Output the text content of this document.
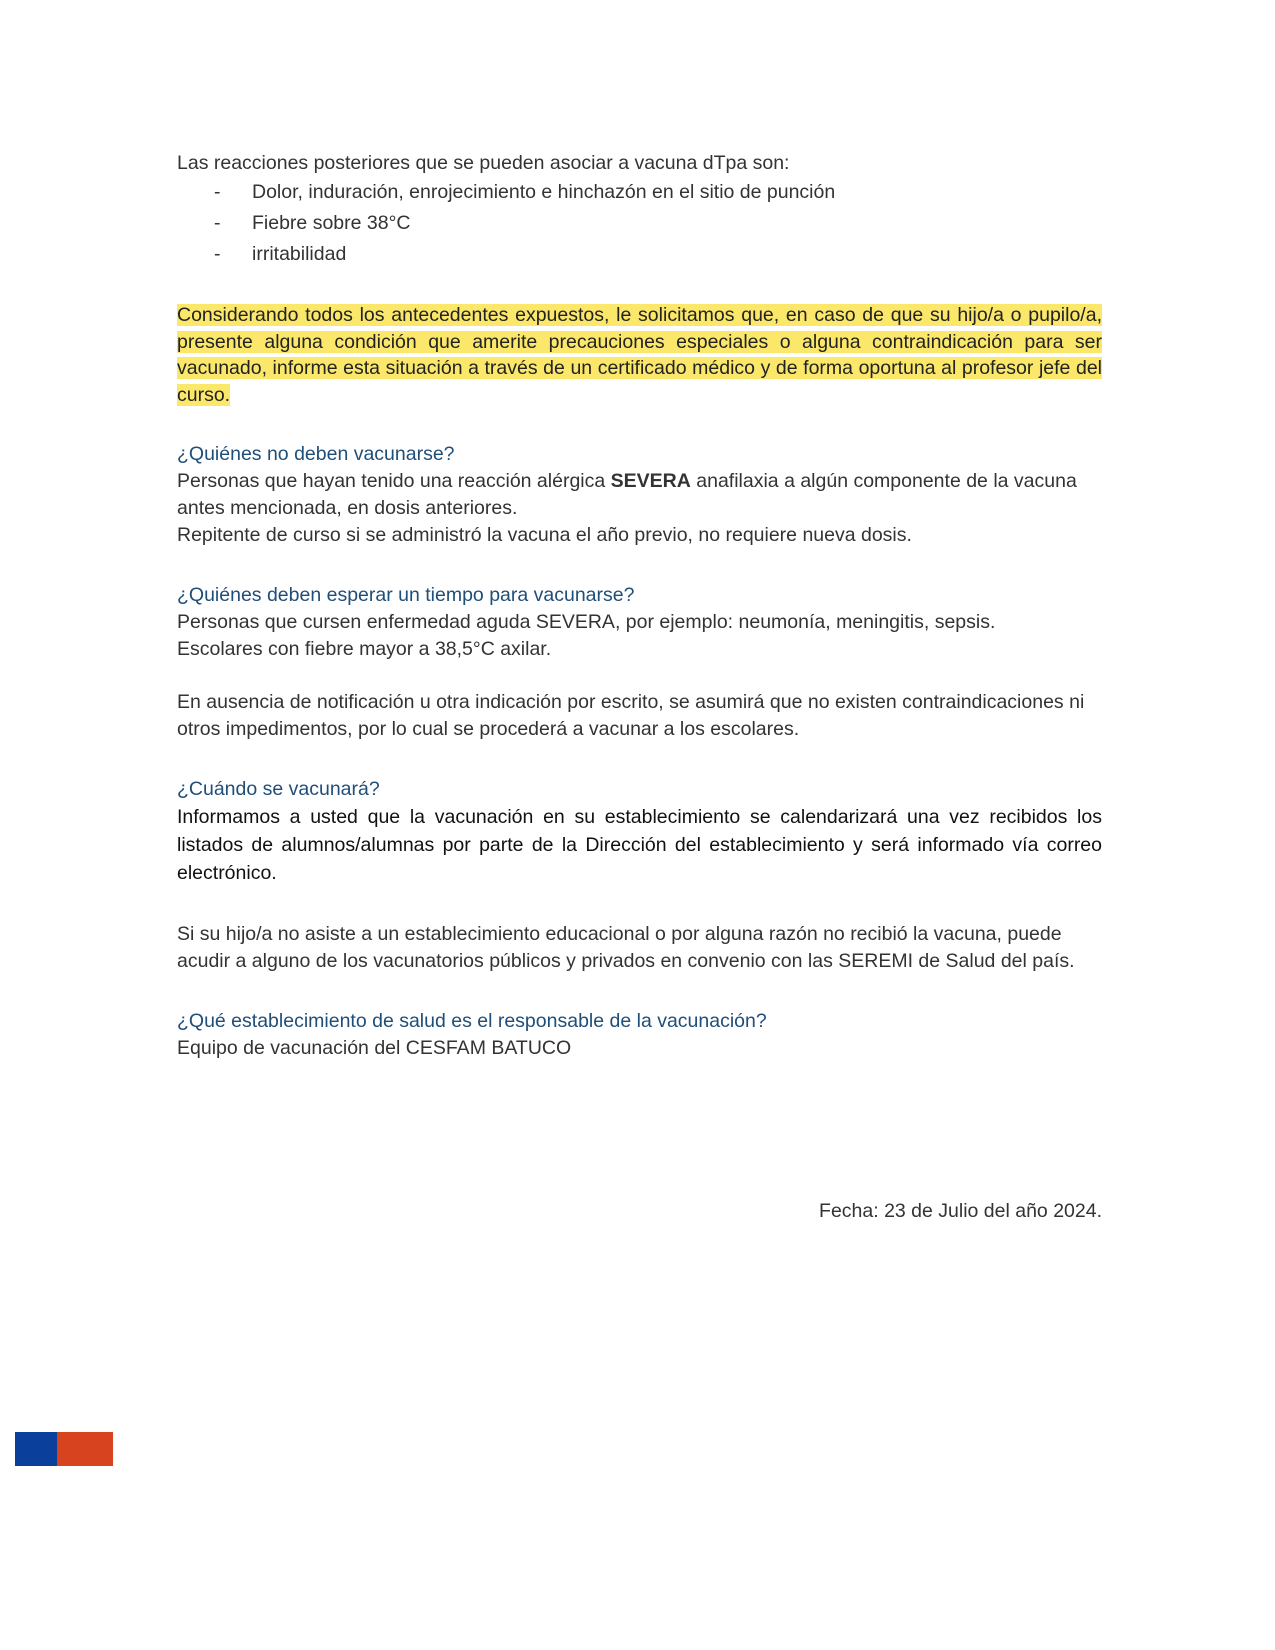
Las reacciones posteriores que se pueden asociar a vacuna dTpa son:

- Dolor, induración, enrojecimiento e hinchazón en el sitio de punción
- Fiebre sobre 38°C
- irritabilidad

Considerando todos los antecedentes expuestos, le solicitamos que, en caso de que su hijo/a o pupilo/a, presente alguna condición que amerite precauciones especiales o alguna contraindicación para ser vacunado, informe esta situación a través de un certificado médico y de forma oportuna al profesor jefe del curso.

¿Quiénes no deben vacunarse?

Personas que hayan tenido una reacción alérgica SEVERA anafilaxia a algún componente de la vacuna antes mencionada, en dosis anteriores.

Repitente de curso si se administró la vacuna el año previo, no requiere nueva dosis.

¿Quiénes deben esperar un tiempo para vacunarse?

Personas que cursen enfermedad aguda SEVERA, por ejemplo: neumonía, meningitis, sepsis.

Escolares con fiebre mayor a 38,5°C axilar.

En ausencia de notificación u otra indicación por escrito, se asumirá que no existen contraindicaciones ni otros impedimentos, por lo cual se procederá a vacunar a los escolares.

¿Cuándo se vacunará?

Informamos a usted que la vacunación en su establecimiento se calendarizará una vez recibidos los listados de alumnos/alumnas por parte de la Dirección del establecimiento y será informado vía correo electrónico.

Si su hijo/a no asiste a un establecimiento educacional o por alguna razón no recibió la vacuna, puede acudir a alguno de los vacunatorios públicos y privados en convenio con las SEREMI de Salud del país.

¿Qué establecimiento de salud es el responsable de la vacunación?

Equipo de vacunación del CESFAM BATUCO

Fecha: 23 de Julio del año 2024.
